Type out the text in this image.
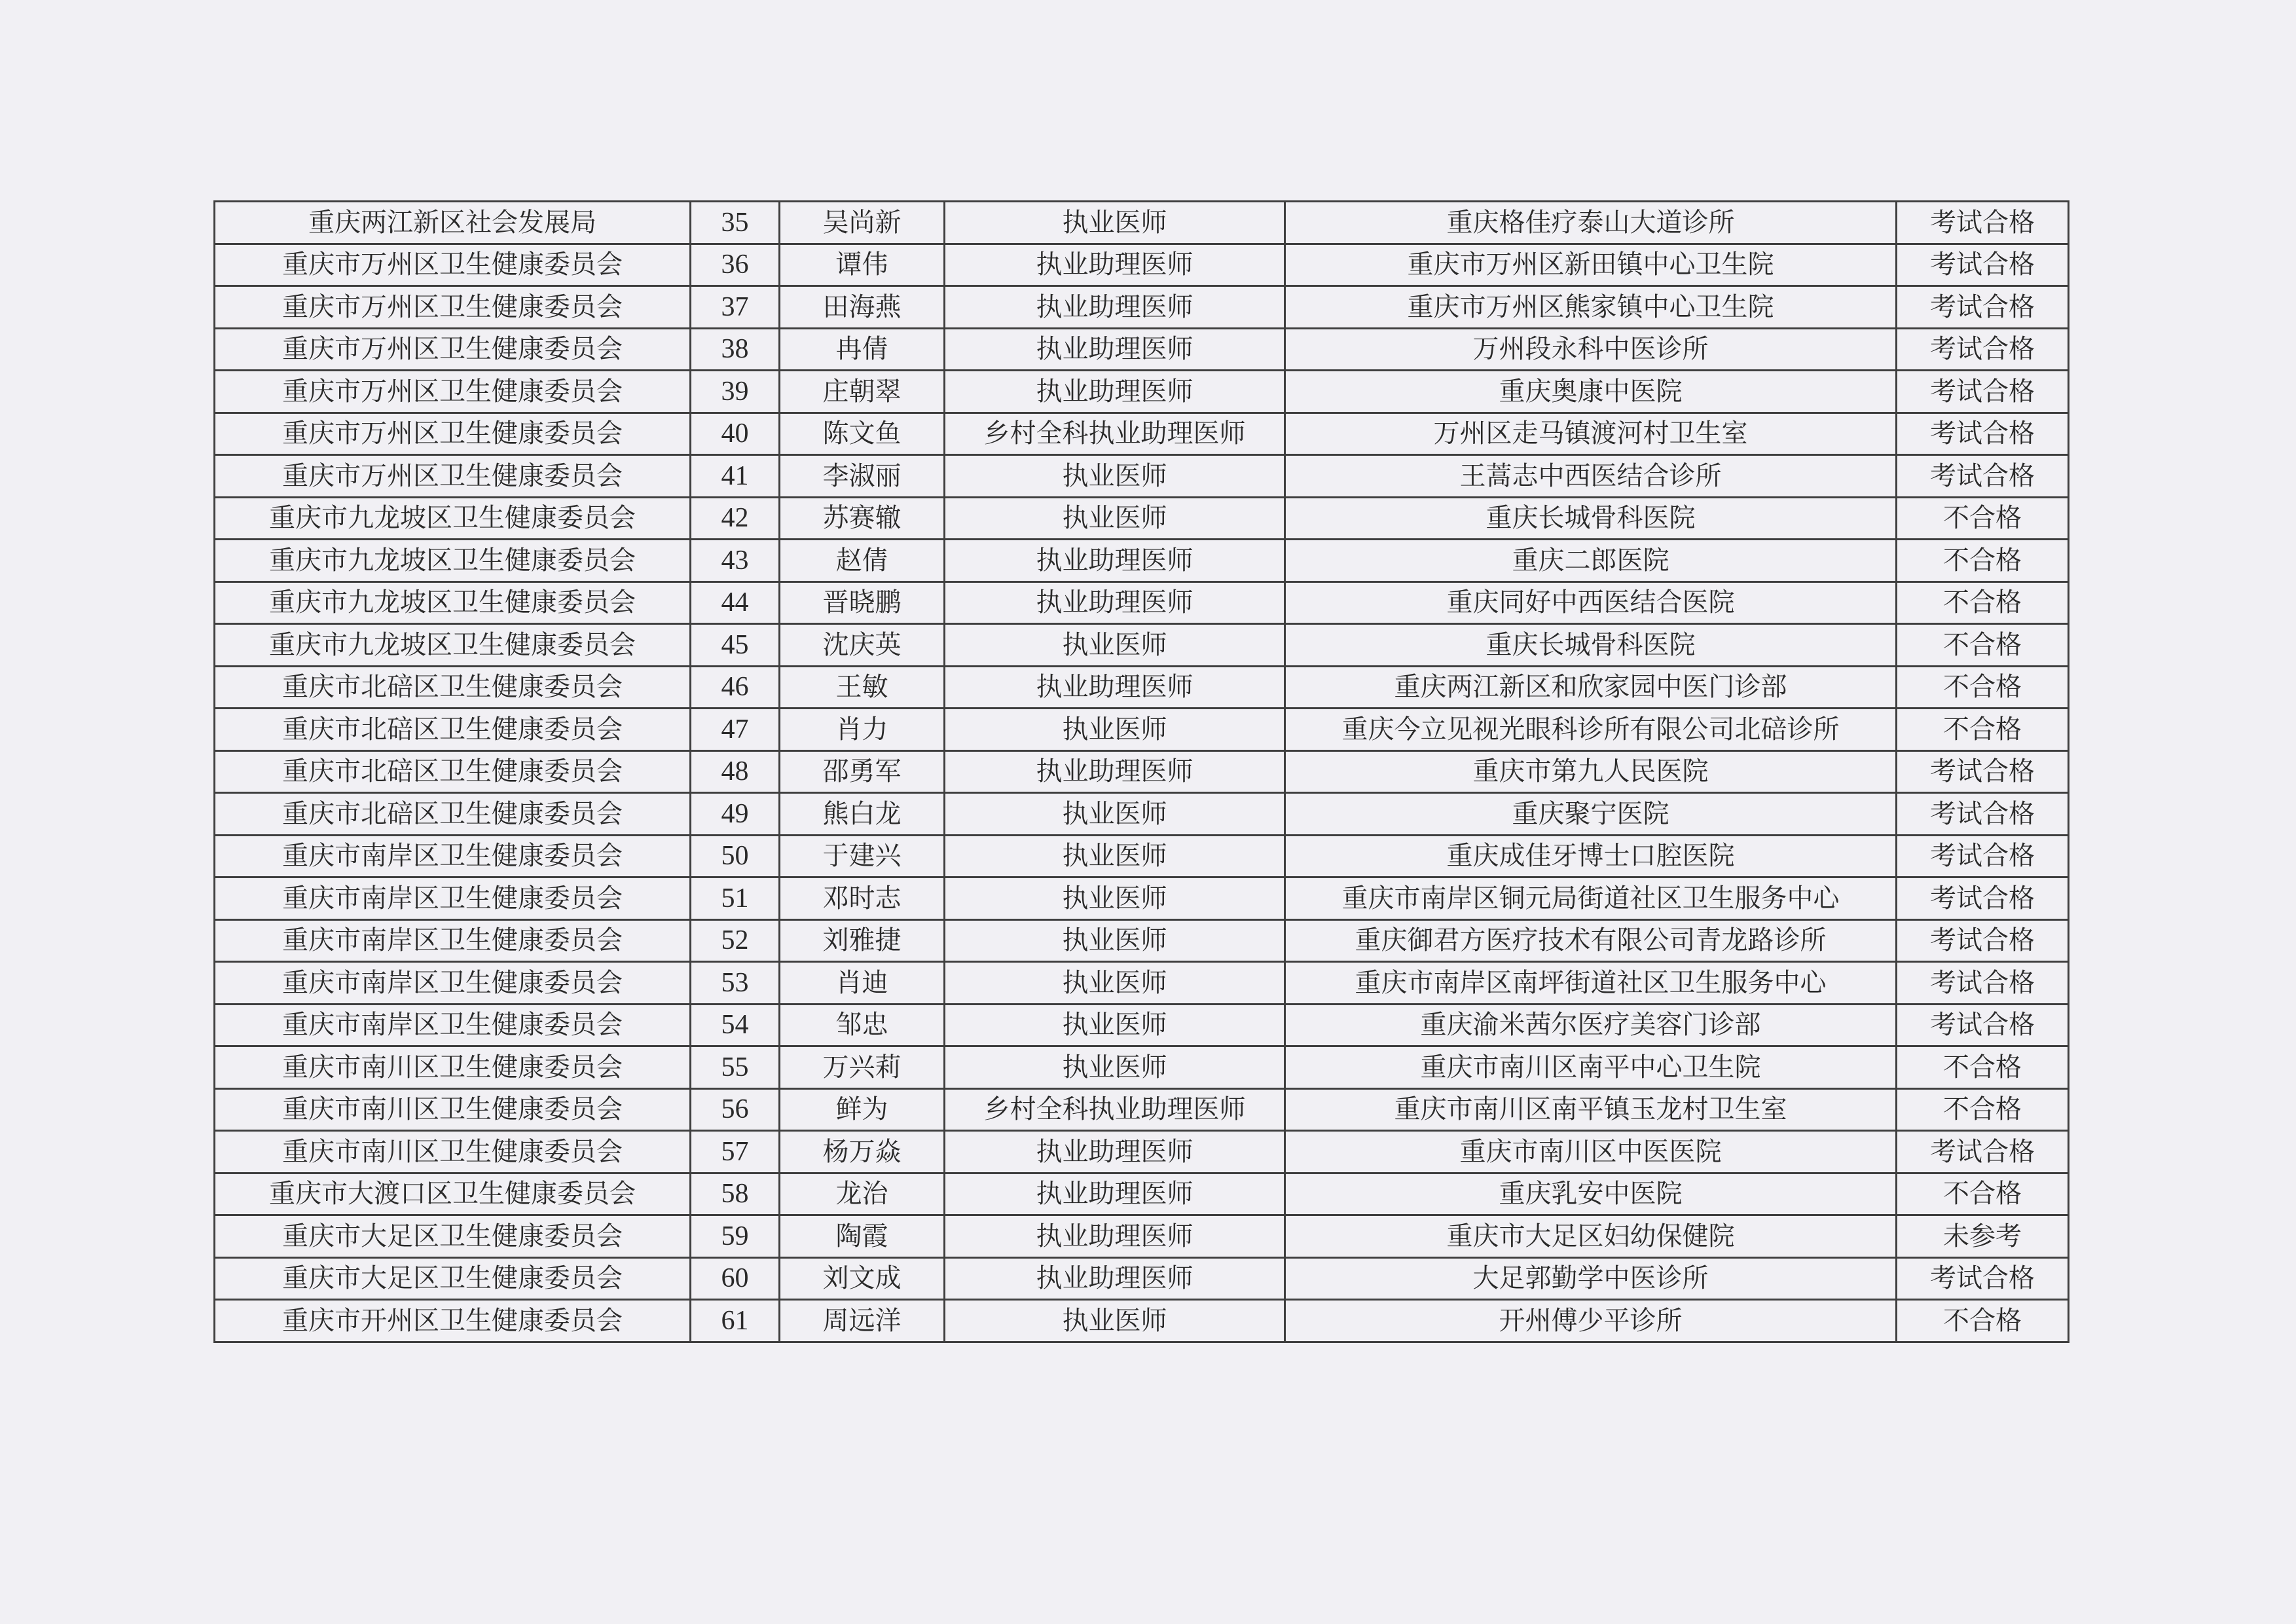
重庆两江新区社会发展局	35	吴尚新	执业医师	重庆格佳疗泰山大道诊所	考试合格
重庆市万州区卫生健康委员会	36	谭伟	执业助理医师	重庆市万州区新田镇中心卫生院	考试合格
重庆市万州区卫生健康委员会	37	田海燕	执业助理医师	重庆市万州区熊家镇中心卫生院	考试合格
重庆市万州区卫生健康委员会	38	冉倩	执业助理医师	万州段永科中医诊所	考试合格
重庆市万州区卫生健康委员会	39	庄朝翠	执业助理医师	重庆奥康中医院	考试合格
重庆市万州区卫生健康委员会	40	陈文鱼	乡村全科执业助理医师	万州区走马镇渡河村卫生室	考试合格
重庆市万州区卫生健康委员会	41	李淑丽	执业医师	王蒿志中西医结合诊所	考试合格
重庆市九龙坡区卫生健康委员会	42	苏赛辙	执业医师	重庆长城骨科医院	不合格
重庆市九龙坡区卫生健康委员会	43	赵倩	执业助理医师	重庆二郎医院	不合格
重庆市九龙坡区卫生健康委员会	44	晋晓鹏	执业助理医师	重庆同好中西医结合医院	不合格
重庆市九龙坡区卫生健康委员会	45	沈庆英	执业医师	重庆长城骨科医院	不合格
重庆市北碚区卫生健康委员会	46	王敏	执业助理医师	重庆两江新区和欣家园中医门诊部	不合格
重庆市北碚区卫生健康委员会	47	肖力	执业医师	重庆今立见视光眼科诊所有限公司北碚诊所	不合格
重庆市北碚区卫生健康委员会	48	邵勇军	执业助理医师	重庆市第九人民医院	考试合格
重庆市北碚区卫生健康委员会	49	熊白龙	执业医师	重庆聚宁医院	考试合格
重庆市南岸区卫生健康委员会	50	于建兴	执业医师	重庆成佳牙博士口腔医院	考试合格
重庆市南岸区卫生健康委员会	51	邓时志	执业医师	重庆市南岸区铜元局街道社区卫生服务中心	考试合格
重庆市南岸区卫生健康委员会	52	刘雅捷	执业医师	重庆御君方医疗技术有限公司青龙路诊所	考试合格
重庆市南岸区卫生健康委员会	53	肖迪	执业医师	重庆市南岸区南坪街道社区卫生服务中心	考试合格
重庆市南岸区卫生健康委员会	54	邹忠	执业医师	重庆渝米茜尔医疗美容门诊部	考试合格
重庆市南川区卫生健康委员会	55	万兴莉	执业医师	重庆市南川区南平中心卫生院	不合格
重庆市南川区卫生健康委员会	56	鲜为	乡村全科执业助理医师	重庆市南川区南平镇玉龙村卫生室	不合格
重庆市南川区卫生健康委员会	57	杨万焱	执业助理医师	重庆市南川区中医医院	考试合格
重庆市大渡口区卫生健康委员会	58	龙治	执业助理医师	重庆乳安中医院	不合格
重庆市大足区卫生健康委员会	59	陶霞	执业助理医师	重庆市大足区妇幼保健院	未参考
重庆市大足区卫生健康委员会	60	刘文成	执业助理医师	大足郭勤学中医诊所	考试合格
重庆市开州区卫生健康委员会	61	周远洋	执业医师	开州傅少平诊所	不合格
